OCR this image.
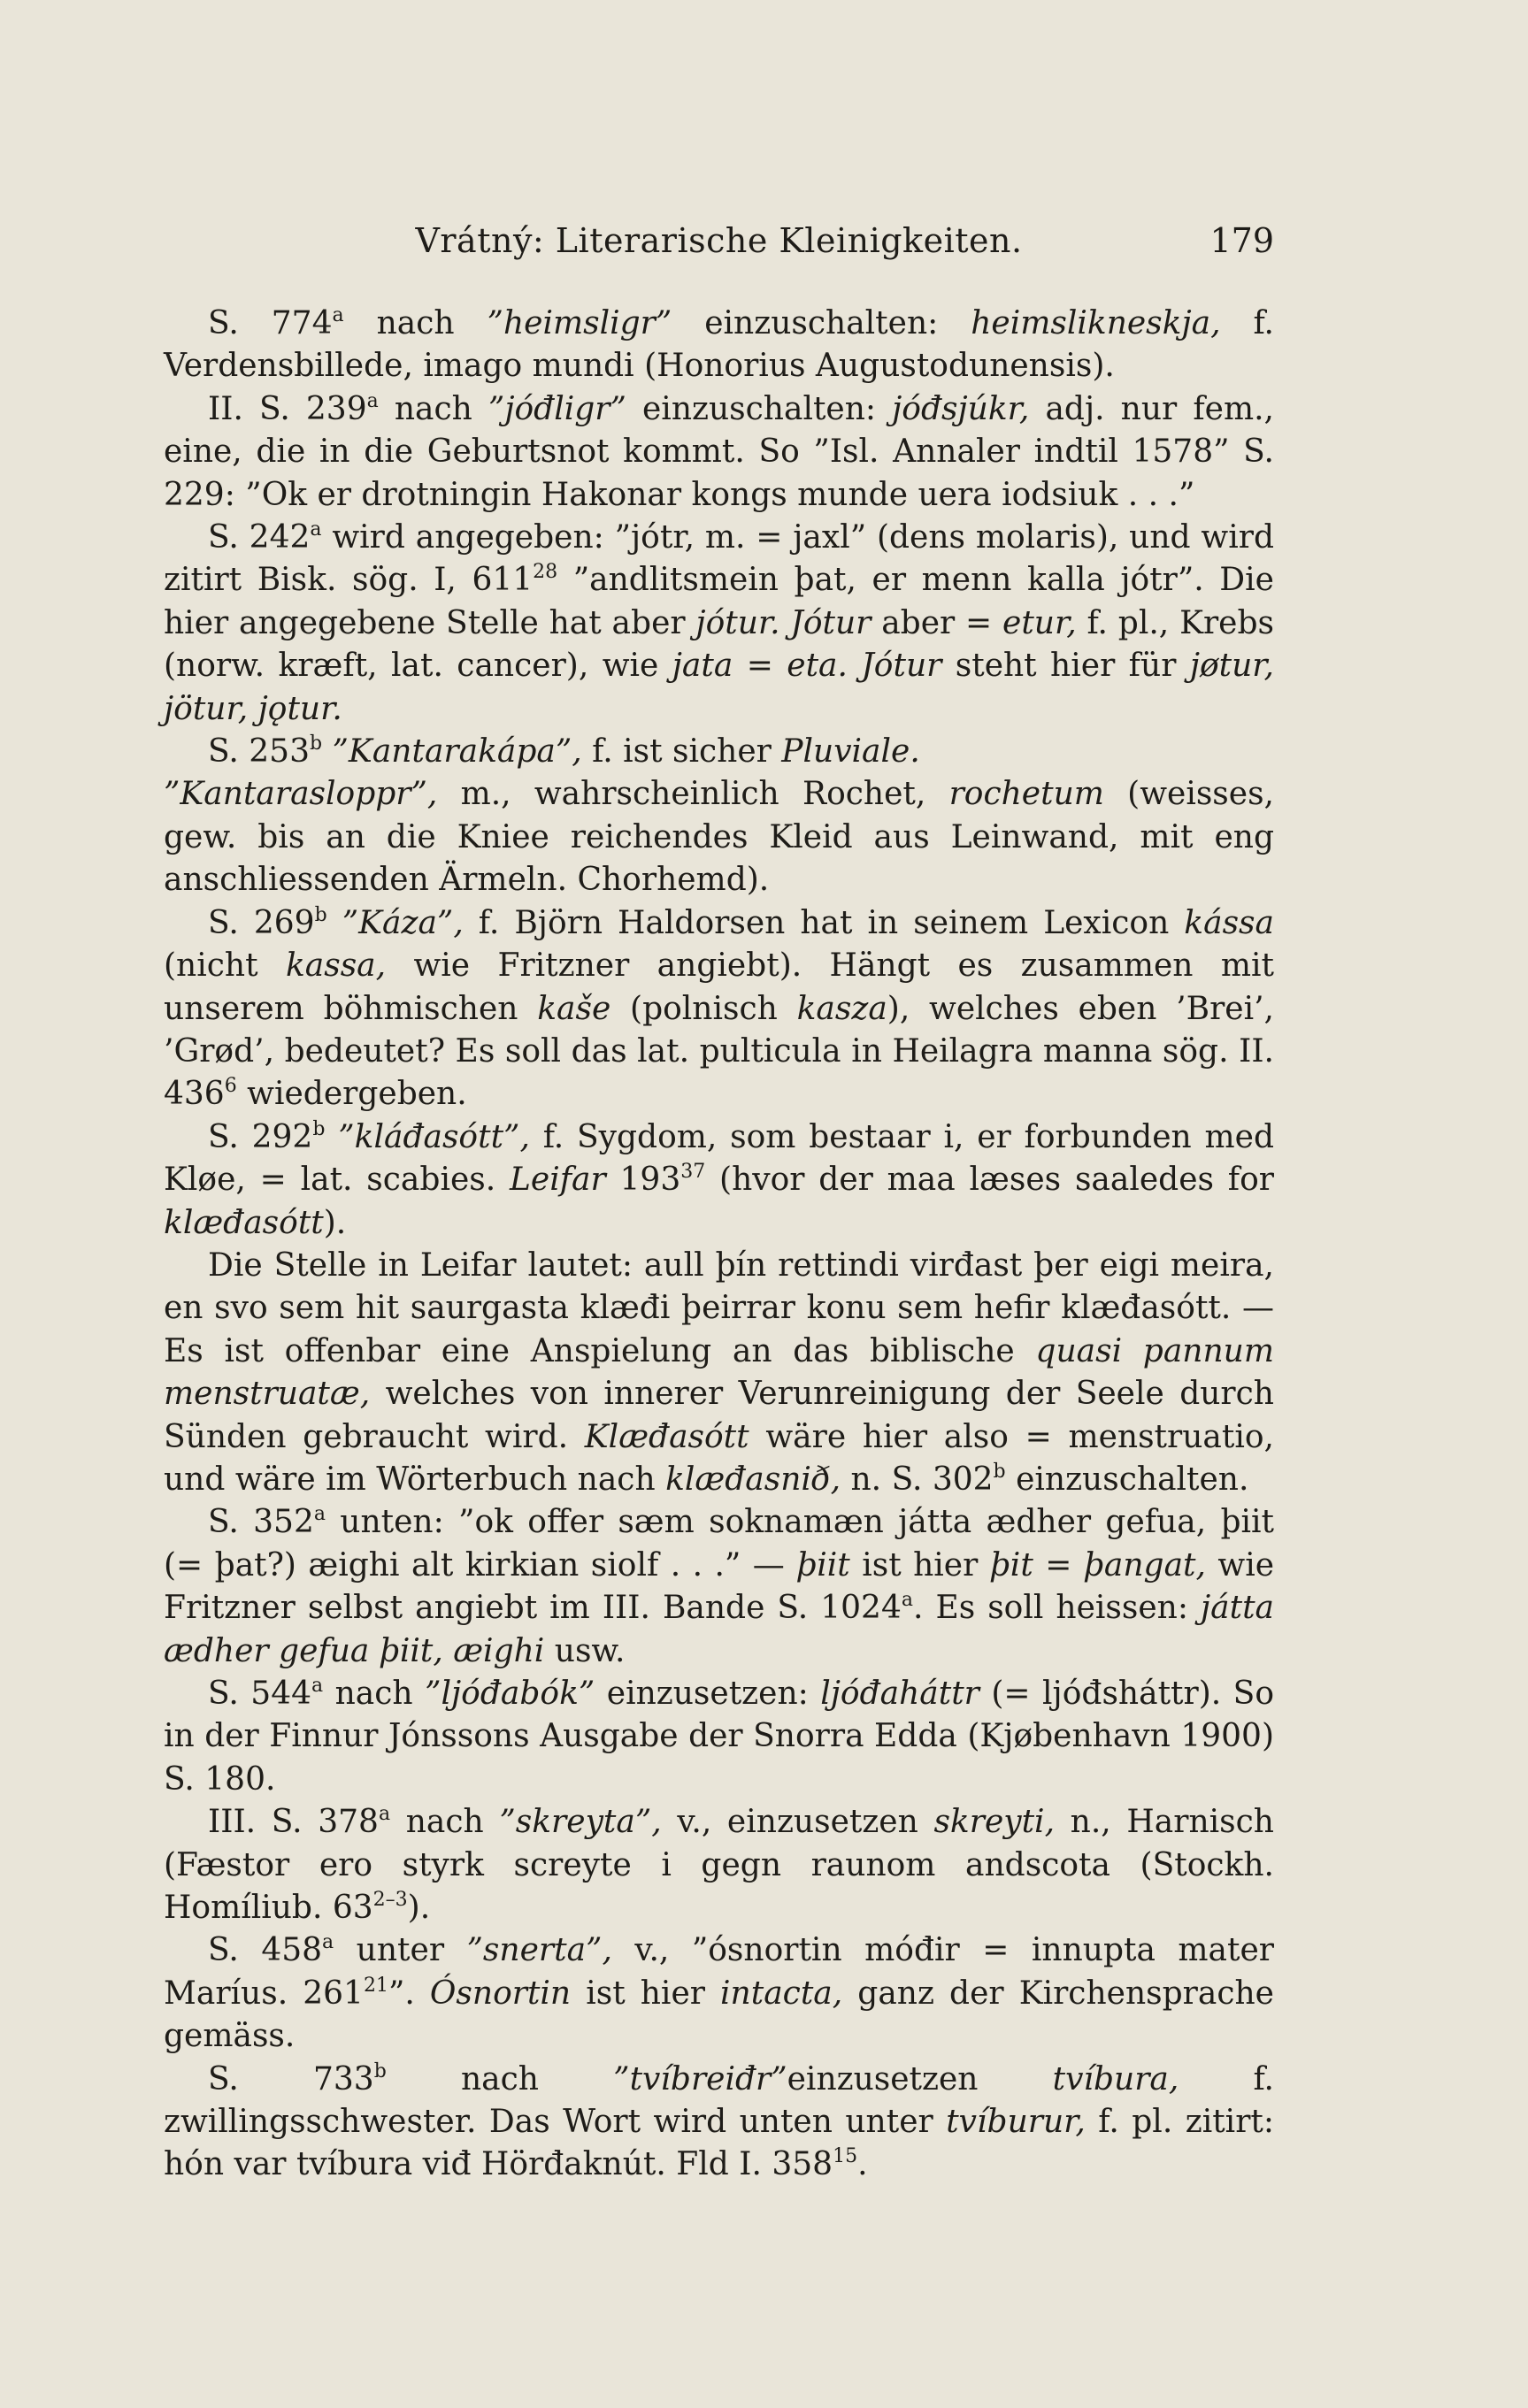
Vrátný: Literarische Kleinigkeiten.	179

S. 774$^a$ nach ”heimsligr” einzuschalten: heimslikneskja, f. Verdensbillede, imago mundi (Honorius Augustodunensis).

II. S. 239$^a$ nach ”jóđligr” einzuschalten: jóđsjúkr, adj. nur fem., eine, die in die Geburtsnot kommt. So ”Isl. Annaler indtil 1578” S. 229: ”Ok er drotningin Hakonar kongs munde uera iodsiuk . . .”

S. 242$^a$ wird angegeben: ”jótr, m. = jaxl” (dens molaris), und wird zitirt Bisk. sög. I, $611^{28}$ ”andlitsmein þat, er menn kalla jótr”. Die hier angegebene Stelle hat aber jótur. Jótur aber = etur, f. pl., Krebs (norw. kræft, lat. cancer), wie jata = eta. Jótur steht hier für jøtur, jötur, jǫtur.

S. 253$^b$ ”Kantarakápa”, f. ist sicher Pluviale.

”Kantarasloppr”, m., wahrscheinlich Rochet, rochetum (weisses, gew. bis an die Kniee reichendes Kleid aus Leinwand, mit eng anschliessenden Ärmeln. Chorhemd).

S. 269$^b$ ”Káza”, f. Björn Haldorsen hat in seinem Lexicon kássa (nicht kassa, wie Fritzner angiebt). Hängt es zusammen mit unserem böhmischen kaše (polnisch kasza), welches eben ’Brei’, ’Grød’, bedeutet? Es soll das lat. pulticula in Heilagra manna sög. II. $436^6$ wiedergeben.

S. 292$^b$ ”kláđasótt”, f. Sygdom, som bestaar i, er forbunden med Kløe, = lat. scabies. Leifar $193^{37}$ (hvor der maa læses saaledes for klæđasótt).

Die Stelle in Leifar lautet: aull þín rettindi virđast þer eigi meira, en svo sem hit saurgasta klæđi þeirrar konu sem hefir klæđasótt. — Es ist offenbar eine Anspielung an das biblische quasi pannum menstruatæ, welches von innerer Verunreinigung der Seele durch Sünden gebraucht wird. Klæđasótt wäre hier also = menstruatio, und wäre im Wörterbuch nach klæđasnið, n. S. 302$^b$ einzuschalten.

S. 352$^a$ unten: ”ok offer sæm soknamæn játta ædher gefua, þiit (= þat?) æighi alt kirkian siolf . . .” — þiit ist hier þit = þangat, wie Fritzner selbst angiebt im III. Bande S. 1024$^a$. Es soll heissen: játta ædher gefua þiit, æighi usw.

S. 544$^a$ nach ”ljóđabók” einzusetzen: ljóđaháttr (= ljóđsháttr). So in der Finnur Jónssons Ausgabe der Snorra Edda (Kjøbenhavn 1900) S. 180.

III. S. 378$^a$ nach ”skreyta”, v., einzusetzen skreyti, n., Harnisch (Fæstor ero styrk screyte i gegn raunom andscota (Stockh. Homíliub. 63$^{2-3}$).

S. 458$^a$ unter ”snerta”, v., ”ósnortin móđir = innupta mater Maríus. $261^{21}$”. Ósnortin ist hier intacta, ganz der Kirchensprache gemäss.

S. 733$^b$ nach ”tvíbreiđr”einzusetzen tvíbura, f. zwillingsschwester. Das Wort wird unten unter tvíburur, f. pl. zitirt: hón var tvíbura viđ Hörđaknút. Fld I. $358^{15}$.
